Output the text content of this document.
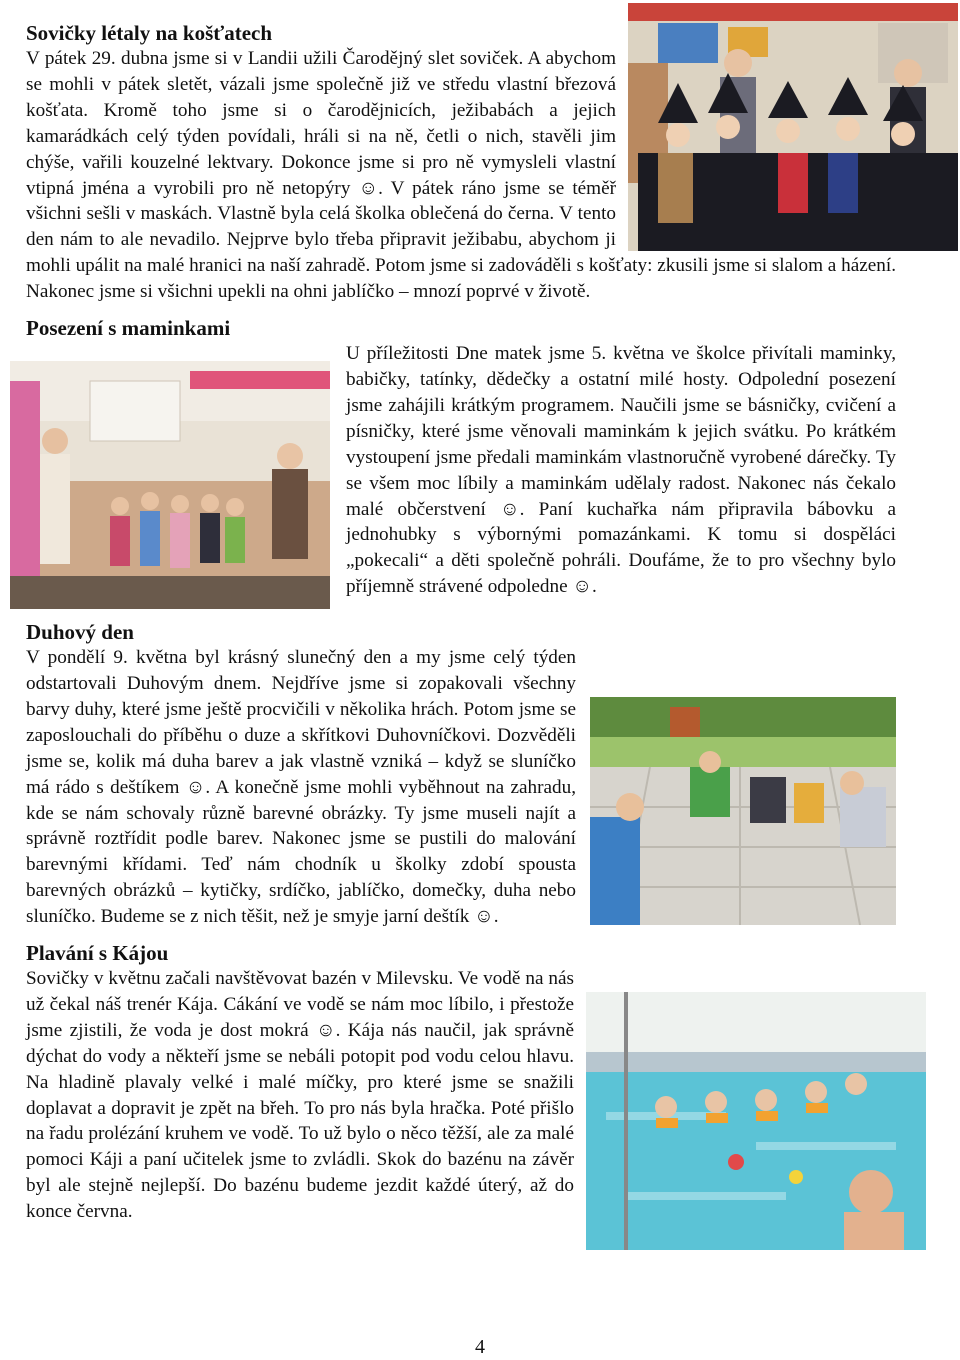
Sovičky létaly na košťatech

V pátek 29. dubna jsme si v Landii užili Čarodějný slet soviček. A abychom se mohli v pátek sletět, vázali jsme společně již ve středu vlastní březová košťata. Kromě toho jsme si o čarodějnicích, ježibabách a jejich kamarádkách celý týden povídali, hráli si na ně, četli o nich, stavěli jim chýše, vařili kouzelné lektvary. Dokonce jsme si pro ně vymysleli vlastní vtipná jména a vyrobili pro ně netopýry ☺. V pátek ráno jsme se téměř všichni sešli v maskách. Vlastně byla celá školka oblečená do černa. V tento den nám to ale nevadilo. Nejprve bylo třeba připravit ježibabu, abychom ji mohli upálit na malé hranici na naší zahradě. Potom jsme si zadováděli s košťaty: zkusili jsme si slalom a házení. Nakonec jsme si všichni upekli na ohni jablíčko – mnozí poprvé v životě.

Posezení s maminkami

U příležitosti Dne matek jsme 5. května ve školce přivítali maminky, babičky, tatínky, dědečky a ostatní milé hosty. Odpolední posezení jsme zahájili krátkým programem. Naučili jsme se básničky, cvičení a písničky, které jsme věnovali maminkám k jejich svátku. Po krátkém vystoupení jsme předali maminkám vlastnoručně vyrobené dárečky. Ty se všem moc líbily a maminkám udělaly radost. Nakonec nás čekalo malé občerstvení ☺. Paní kuchařka nám připravila bábovku a jednohubky s výbornými pomazánkami. K tomu si dospěláci „pokecali“ a děti společně pohráli. Doufáme, že to pro všechny bylo příjemně strávené odpoledne ☺.

Duhový den

V pondělí 9. května byl krásný slunečný den a my jsme celý týden odstartovali Duhovým dnem. Nejdříve jsme si zopakovali všechny barvy duhy, které jsme ještě procvičili v několika hrách. Potom jsme se zaposlouchali do příběhu o duze a skřítkovi Duhovníčkovi. Dozvěděli jsme se, kolik má duha barev a jak vlastně vzniká – když se sluníčko má rádo s deštíkem ☺. A konečně jsme mohli vyběhnout na zahradu, kde se nám schovaly různě barevné obrázky. Ty jsme museli najít a správně roztřídit podle barev. Nakonec jsme se pustili do malování barevnými křídami. Teď nám chodník u školky zdobí spousta barevných obrázků – kytičky, srdíčko, jablíčko, domečky, duha nebo sluníčko. Budeme se z nich těšit, než je smyje jarní deštík ☺.

Plavání s Kájou

Sovičky v květnu začali navštěvovat bazén v Milevsku. Ve vodě na nás už čekal náš trenér Kája. Cákání ve vodě se nám moc líbilo, i přestože jsme zjistili, že voda je dost mokrá ☺. Kája nás naučil, jak správně dýchat do vody a někteří jsme se nebáli potopit pod vodu celou hlavu. Na hladině plavaly velké i malé míčky, pro které jsme se snažili doplavat a dopravit je zpět na břeh. To pro nás byla hračka. Poté přišlo na řadu prolézání kruhem ve vodě. To už bylo o něco těžší, ale za malé pomoci Káji a paní učitelek jsme to zvládli. Skok do bazénu na závěr byl ale stejně nejlepší. Do bazénu budeme jezdit každé úterý, až do konce června.

4
